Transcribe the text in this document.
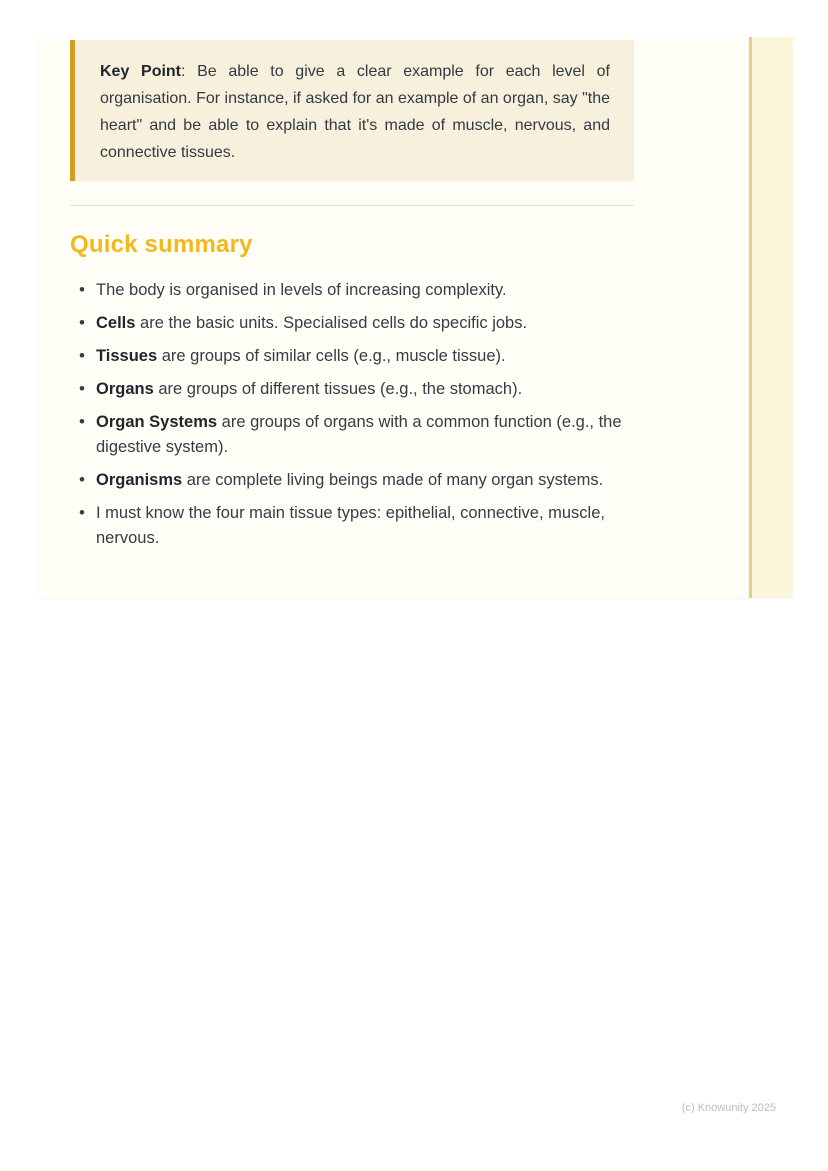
Key Point: Be able to give a clear example for each level of organisation. For instance, if asked for an example of an organ, say "the heart" and be able to explain that it's made of muscle, nervous, and connective tissues.
Quick summary
• The body is organised in levels of increasing complexity.
• Cells are the basic units. Specialised cells do specific jobs.
• Tissues are groups of similar cells (e.g., muscle tissue).
• Organs are groups of different tissues (e.g., the stomach).
• Organ Systems are groups of organs with a common function (e.g., the digestive system).
• Organisms are complete living beings made of many organ systems.
• I must know the four main tissue types: epithelial, connective, muscle, nervous.
(c) Knowunity 2025
